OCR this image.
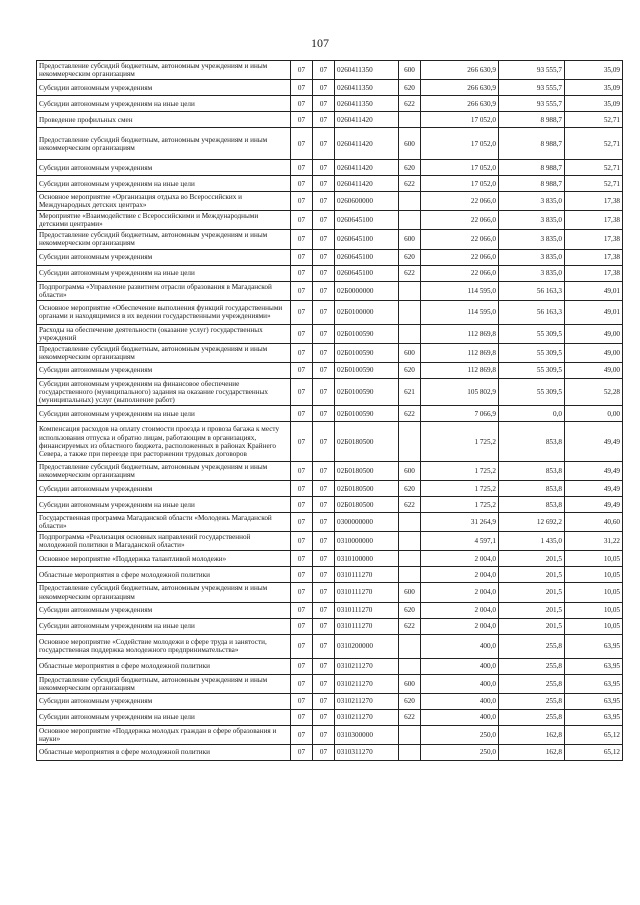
107
Предоставление субсидий бюджетным, автономным учреждениям и иным некоммерческим организациям	07	07	0260411350	600	266 630,9	93 555,7	35,09
Субсидии автономным учреждениям	07	07	0260411350	620	266 630,9	93 555,7	35,09
Субсидии автономным учреждениям на иные цели	07	07	0260411350	622	266 630,9	93 555,7	35,09
Проведение профильных смен	07	07	0260411420		17 052,0	8 988,7	52,71
Предоставление субсидий бюджетным, автономным учреждениям и иным некоммерческим организациям	07	07	0260411420	600	17 052,0	8 988,7	52,71
Субсидии автономным учреждениям	07	07	0260411420	620	17 052,0	8 988,7	52,71
Субсидии автономным учреждениям на иные цели	07	07	0260411420	622	17 052,0	8 988,7	52,71
Основное мероприятие «Организация отдыха во Всероссийских и Международных детских центрах»	07	07	0260600000		22 066,0	3 835,0	17,38
Мероприятие «Взаимодействие с Всероссийскими и Международными детскими центрами»	07	07	0260645100		22 066,0	3 835,0	17,38
Предоставление субсидий бюджетным, автономным учреждениям и иным некоммерческим организациям	07	07	0260645100	600	22 066,0	3 835,0	17,38
Субсидии автономным учреждениям	07	07	0260645100	620	22 066,0	3 835,0	17,38
Субсидии автономным учреждениям на иные цели	07	07	0260645100	622	22 066,0	3 835,0	17,38
Подпрограмма «Управление развитием отрасли образования в Магаданской области»	07	07	02Б0000000		114 595,0	56 163,3	49,01
Основное мероприятие «Обеспечение выполнения функций государственными органами и находящимися в их ведении государственными учреждениями»	07	07	02Б0100000		114 595,0	56 163,3	49,01
Расходы на обеспечение деятельности (оказание услуг) государственных учреждений	07	07	02Б0100590		112 869,8	55 309,5	49,00
Предоставление субсидий бюджетным, автономным учреждениям и иным некоммерческим организациям	07	07	02Б0100590	600	112 869,8	55 309,5	49,00
Субсидии автономным учреждениям	07	07	02Б0100590	620	112 869,8	55 309,5	49,00
Субсидии автономным учреждениям на финансовое обеспечение государственного (муниципального) задания на оказание государственных (муниципальных) услуг (выполнение работ)	07	07	02Б0100590	621	105 802,9	55 309,5	52,28
Субсидии автономным учреждениям на иные цели	07	07	02Б0100590	622	7 066,9	0,0	0,00
Компенсация расходов на оплату стоимости проезда и провоза багажа к месту использования отпуска и обратно лицам, работающим в организациях, финансируемых из областного бюджета, расположенных в районах Крайнего Севера, а также при переезде при расторжении трудовых договоров	07	07	02Б0180500		1 725,2	853,8	49,49
Предоставление субсидий бюджетным, автономным учреждениям и иным некоммерческим организациям	07	07	02Б0180500	600	1 725,2	853,8	49,49
Субсидии автономным учреждениям	07	07	02Б0180500	620	1 725,2	853,8	49,49
Субсидии автономным учреждениям на иные цели	07	07	02Б0180500	622	1 725,2	853,8	49,49
Государственная программа Магаданской области «Молодежь Магаданской области»	07	07	0300000000		31 264,9	12 692,2	40,60
Подпрограмма «Реализация основных направлений государственной молодежной политики в Магаданской области»	07	07	0310000000		4 597,1	1 435,0	31,22
Основное мероприятие «Поддержка талантливой молодежи»	07	07	0310100000		2 004,0	201,5	10,05
Областные мероприятия в сфере молодежной политики	07	07	0310111270		2 004,0	201,5	10,05
Предоставление субсидий бюджетным, автономным учреждениям и иным некоммерческим организациям	07	07	0310111270	600	2 004,0	201,5	10,05
Субсидии автономным учреждениям	07	07	0310111270	620	2 004,0	201,5	10,05
Субсидии автономным учреждениям на иные цели	07	07	0310111270	622	2 004,0	201,5	10,05
Основное мероприятие «Содействие молодежи в сфере труда и занятости, государственная поддержка молодежного предпринимательства»	07	07	0310200000		400,0	255,8	63,95
Областные мероприятия в сфере молодежной политики	07	07	0310211270		400,0	255,8	63,95
Предоставление субсидий бюджетным, автономным учреждениям и иным некоммерческим организациям	07	07	0310211270	600	400,0	255,8	63,95
Субсидии автономным учреждениям	07	07	0310211270	620	400,0	255,8	63,95
Субсидии автономным учреждениям на иные цели	07	07	0310211270	622	400,0	255,8	63,95
Основное мероприятие «Поддержка молодых граждан в сфере образования и науки»	07	07	0310300000		250,0	162,8	65,12
Областные мероприятия в сфере молодежной политики	07	07	0310311270		250,0	162,8	65,12
